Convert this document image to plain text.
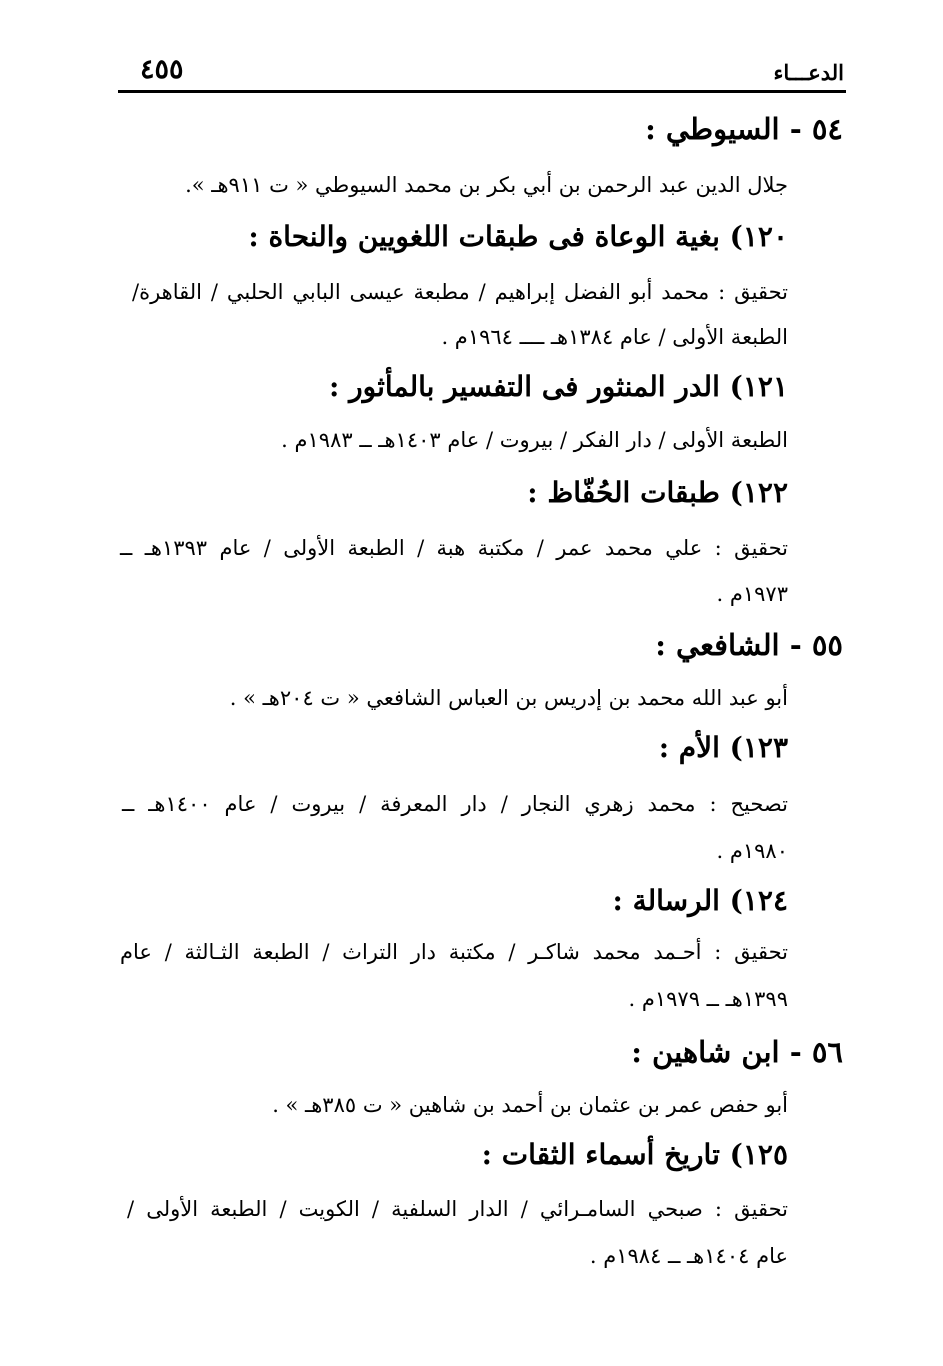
٤٥٥	الدعـــاء
٥٤ - السيوطي :
جلال الدين عبد الرحمن بن أبي بكر بن محمد السيوطي « ت ٩١١هـ ».
١٢٠) بغية الوعاة فى طبقات اللغويين والنحاة :
تحقيق : محمد أبو الفضل إبراهيم / مطبعة عيسى البابي الحلبي / القاهرة/
الطبعة الأولى / عام ١٣٨٤هـ ــــ ١٩٦٤م .
١٢١) الدر المنثور فى التفسير بالمأثور :
الطبعة الأولى / دار الفكر / بيروت / عام ١٤٠٣هـ ــ ١٩٨٣م .
١٢٢) طبقات الحُفّاظ :
تحقيق : علي محمد عمر / مكتبة هبة / الطبعة الأولى / عام ١٣٩٣هـ ــ
١٩٧٣م .
٥٥ - الشافعي :
أبو عبد الله محمد بن إدريس بن العباس الشافعي « ت ٢٠٤هـ » .
١٢٣) الأم :
تصحيح : محمد زهري النجار / دار المعرفة / بيروت / عام ١٤٠٠هـ ــ
١٩٨٠م .
١٢٤) الرسالة :
تحقيق : أحـمد محمد شاكـر / مكتبة دار التراث / الطبعة الثـالثة / عام
١٣٩٩هـ ــ ١٩٧٩م .
٥٦ - ابن شاهين :
أبو حفص عمر بن عثمان بن أحمد بن شاهين « ت ٣٨٥هـ » .
١٢٥) تاريخ أسماء الثقات :
تحقيق : صبحي السامـرائي / الدار السلفية / الكويت / الطبعة الأولى /
عام ١٤٠٤هـ ــ ١٩٨٤م .
